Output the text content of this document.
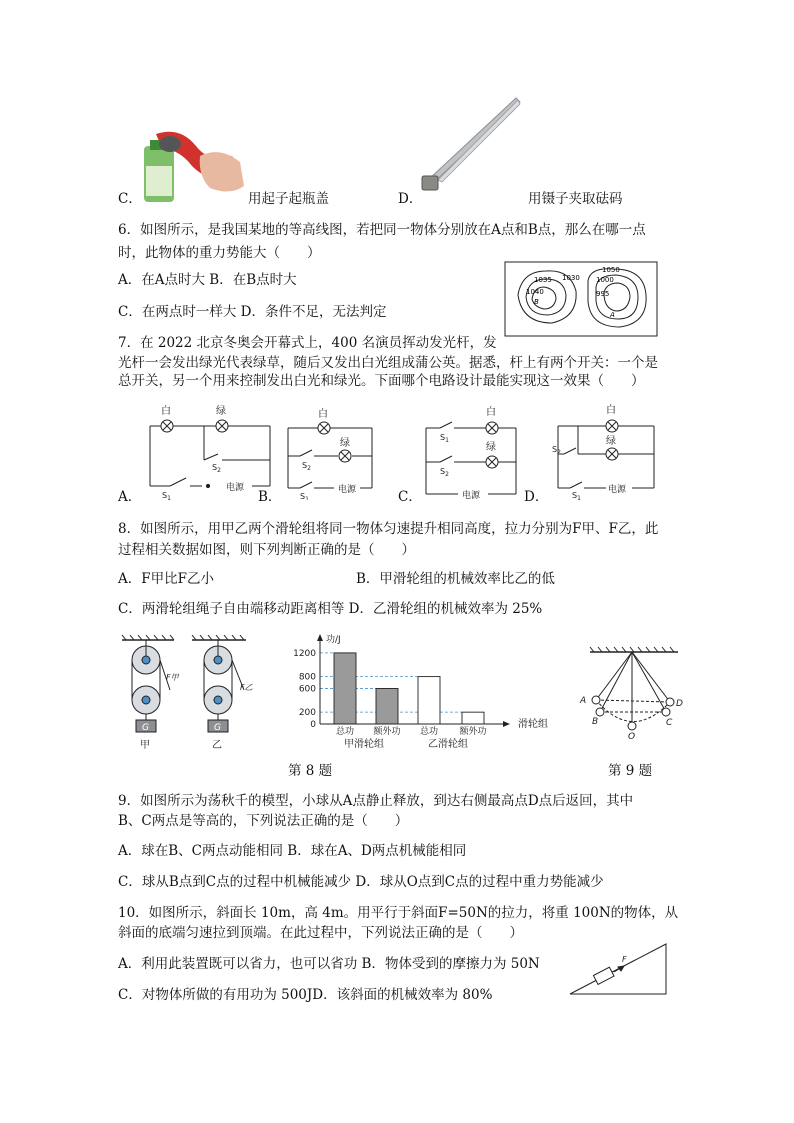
C．	用起子起瓶盖	D．	用镊子夹取砝码
6．如图所示，是我国某地的等高线图，若把同一物体分别放在A点和B点，那么在哪一点
时，此物体的重力势能大（　　）
A．在A点时大 B．在B点时大
C．在两点时一样大 D．条件不足，无法判定
1035 1030
1040
B
1050
1000
995
A
7．在 2022 北京冬奥会开幕式上，400 名演员挥动发光杆，发
光杆一会发出绿光代表绿草，随后又发出白光组成蒲公英。据悉，杆上有两个开关：一个是
总开关，另一个用来控制发出白光和绿光。下面哪个电路设计最能实现这一效果（　　）
白	绿
$S_2$
$S_1$
电源
A．
白
绿
$S_2$
$S_1$
电源
B．
白
绿
$S_1$
$S_2$
电源
C．
白
绿
$S_2$
$S_1$
电源
D．
8．如图所示，用甲乙两个滑轮组将同一物体匀速提升相同高度，拉力分别为F甲、F乙，此
过程相关数据如图，则下列判断正确的是（　　）
A．F甲比F乙小	B．甲滑轮组的机械效率比乙的低
C．两滑轮组绳子自由端移动距离相等 D．乙滑轮组的机械效率为 25%
G	G
F甲
F乙
甲	乙
0
200
600
800
1200
功/J
滑轮组
总功 额外功 总功 额外功
甲滑轮组	乙滑轮组
A
B
O
C
D
第 8 题	第 9 题
9．如图所示为荡秋千的模型，小球从A点静止释放，到达右侧最高点D点后返回，其中
B、C两点是等高的，下列说法正确的是（　　）
A．球在B、C两点动能相同 B．球在A、D两点机械能相同
C．球从B点到C点的过程中机械能减少 D．球从O点到C点的过程中重力势能减少
10．如图所示，斜面长 10m，高 4m。用平行于斜面F=50N的拉力，将重 100N的物体，从
斜面的底端匀速拉到顶端。在此过程中，下列说法正确的是（　　）
A．利用此装置既可以省力，也可以省功 B．物体受到的摩擦力为 50N
C．对物体所做的有用功为 500JD．该斜面的机械效率为 80%
F
